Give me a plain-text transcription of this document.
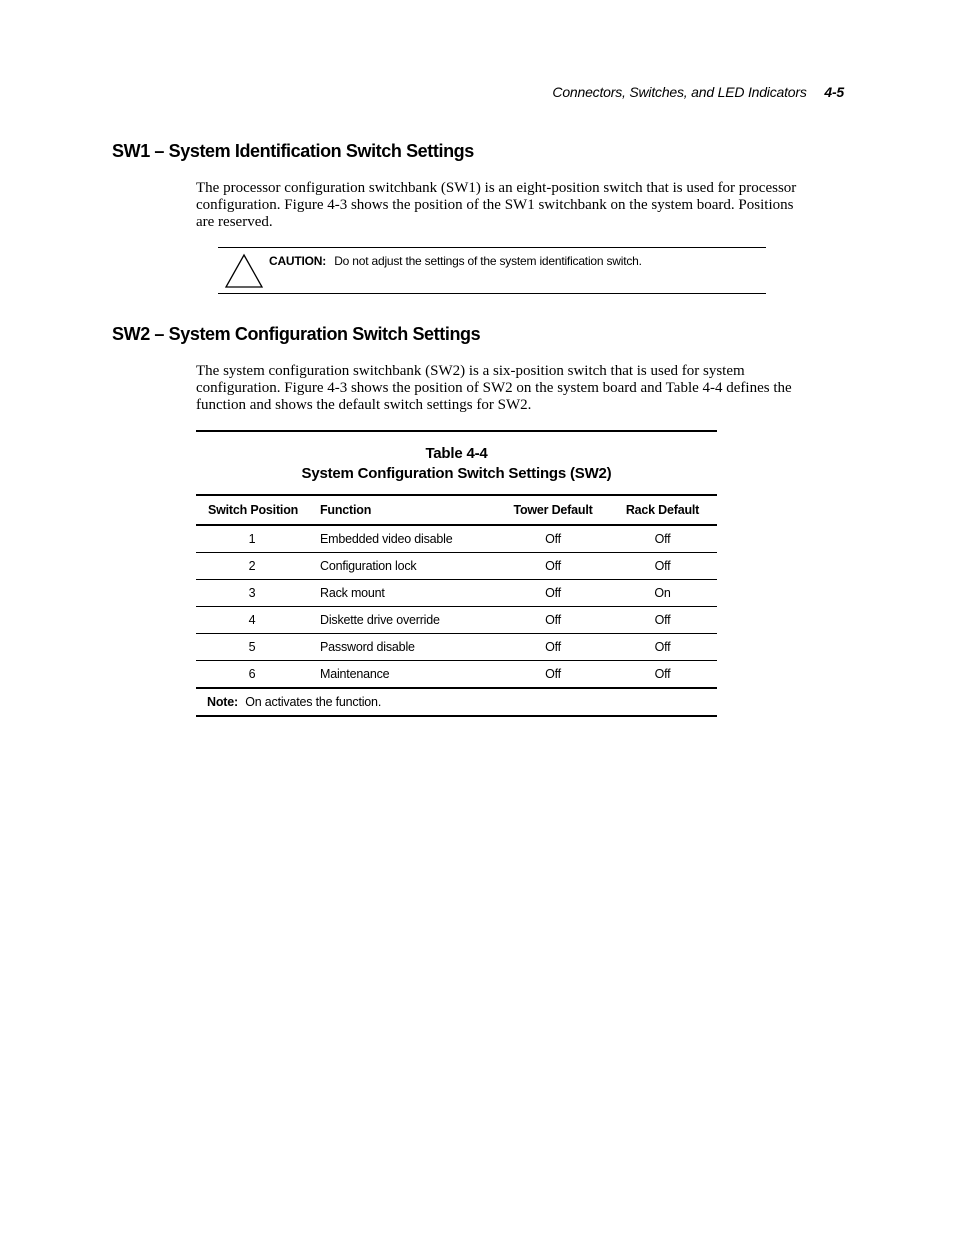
Connectors, Switches, and LED Indicators 4-5
SW1 – System Identification Switch Settings

The processor configuration switchbank (SW1) is an eight-position switch that is used for processor configuration. Figure 4-3 shows the position of the SW1 switchbank on the system board. Positions are reserved.

CAUTION: Do not adjust the settings of the system identification switch.
SW2 – System Configuration Switch Settings

The system configuration switchbank (SW2) is a six-position switch that is used for system configuration. Figure 4-3 shows the position of SW2 on the system board and Table 4-4 defines the function and shows the default switch settings for SW2.

Table 4-4
System Configuration Switch Settings (SW2)
Switch Position	Function	Tower Default	Rack Default
1	Embedded video disable	Off	Off
2	Configuration lock	Off	Off
3	Rack mount	Off	On
4	Diskette drive override	Off	Off
5	Password disable	Off	Off
6	Maintenance	Off	Off
Note: On activates the function.			
